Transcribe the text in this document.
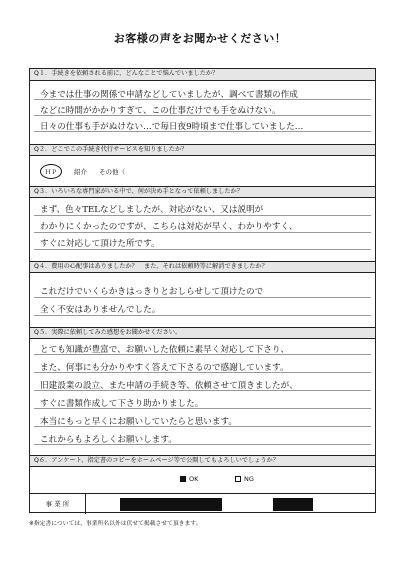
お客様の声をお聞かせください！
Q１．手続きを依頼される前に、どんなことで悩んでいましたか？
今までは仕事の関係で申請などしていましたが、調べて書類の作成
などに時間がかかりすぎて、この仕事だけでも手をぬけない。
日々の仕事も手がぬけない…で毎日夜9時頃まで仕事していました…
Q２．どこでこの手続き代行サービスを知りましたか？
ＨＰ	紹介 その他（
Q３．いろいろな専門家がいる中で、何が決め手となって依頼しましたか？
まず、色々TELなどしましたが、対応がない、又は説明が
わかりにくかったのですが、こちらは対応が早く、わかりやすく、
すぐに対応して頂けた所です。
Q４．費用の心配事はありましたか？　また、それは依頼時等に解消できましたか？
これだけでいくらかきはっきりとおしらせして頂けたので
全く不安はありませんでした。
Q５．実際に依頼してみた感想をお聞かせください。
とても知識が豊富で、お願いした依頼に素早く対応して下さり、
また、何事にも分かりやすく答えて下さるので感謝しています。
旧建設業の設立、また申請の手続き等、依頼させて頂きましたが、
すぐに書類作成して下さり助かりました。
本当にもっと早くにお願いしていたらと思います。
これからもよろしくお願いします。
Q６．アンケート、指定書のコピーをホームページ等で公開してもよろしいでしょうか？
OK	NG
事 業 所
※指定書については、事業所名以外は伏せて掲載させて頂きます。
